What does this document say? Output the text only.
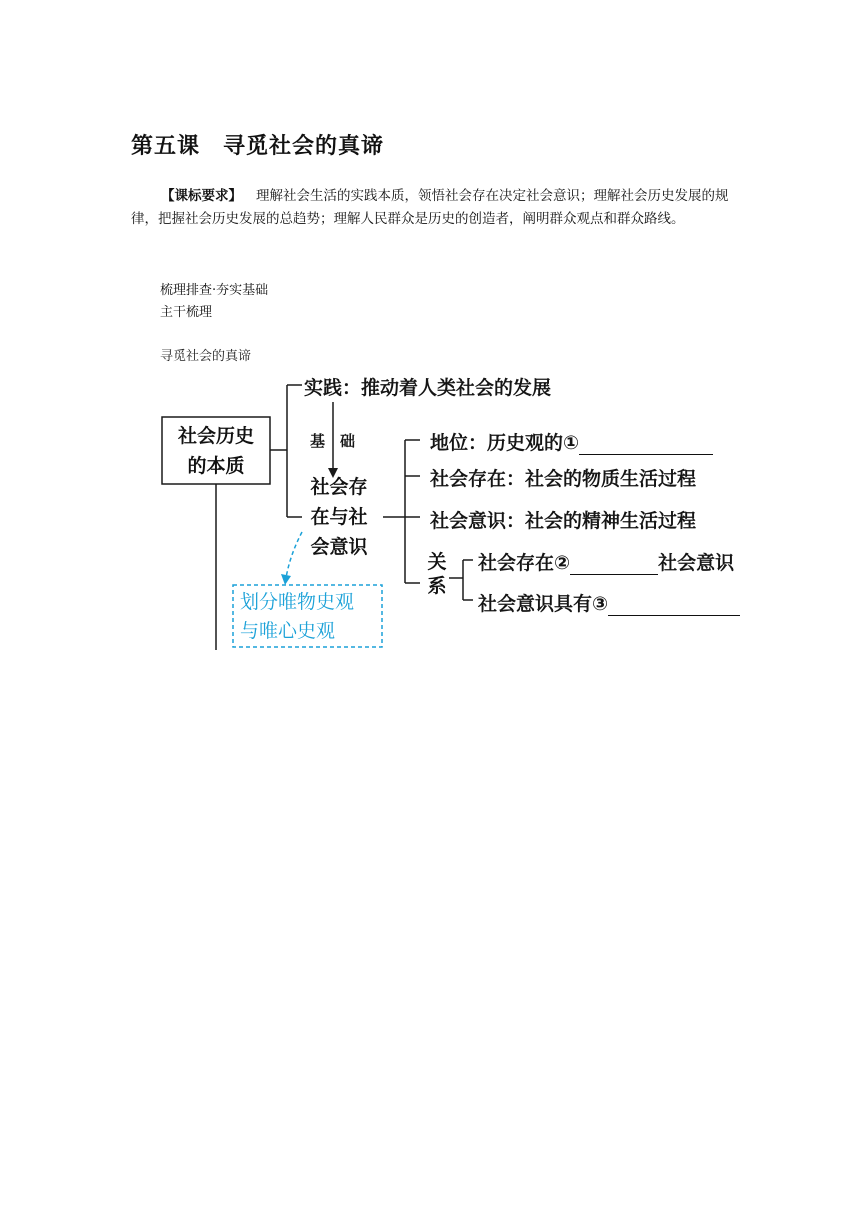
第五课　寻觅社会的真谛

【课标要求】 理解社会生活的实践本质，领悟社会存在决定社会意识；理解社会历史发展的规律，把握社会历史发展的总趋势；理解人民群众是历史的创造者，阐明群众观点和群众路线。

梳理排查·夯实基础
主干梳理
寻觅社会的真谛
社会历史
的本质
实践：推动着人类社会的发展
基 础
社会存
在与社
会意识
地位：历史观的①
社会存在：社会的物质生活过程
社会意识：社会的精神生活过程
关
系
社会存在②	社会意识
社会意识具有③
划分唯物史观
与唯心史观
